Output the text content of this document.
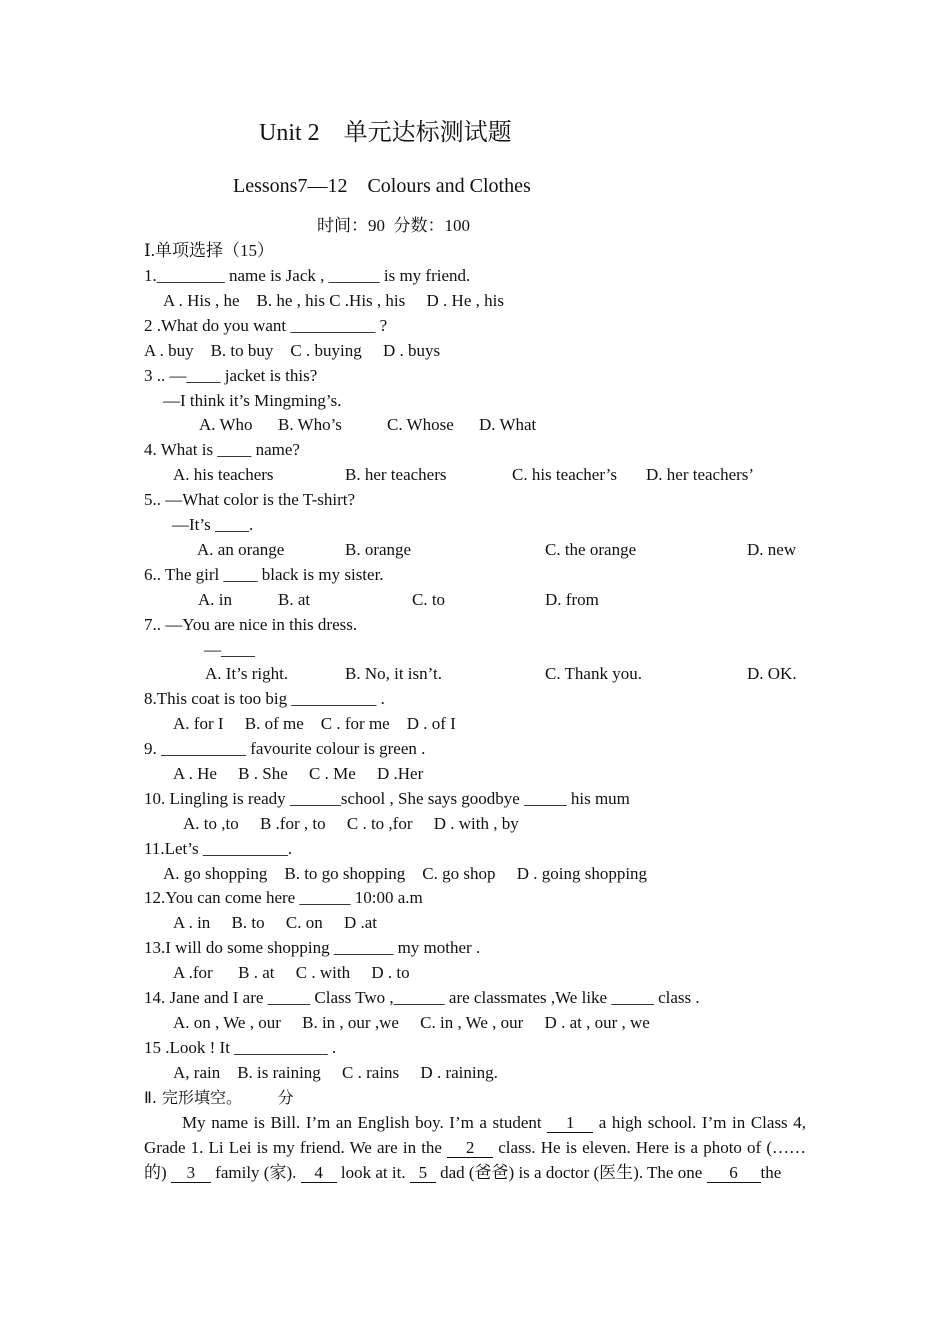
Unit 2    单元达标测试题
Lessons7—12    Colours and Clothes
时间：90  分数：100
Ⅰ.单项选择（15）
1.________ name is Jack , ______ is my friend.
A . His , he    B. he , his C .His , his     D . He , his
2 .What do you want __________ ?
A . buy    B. to buy    C . buying     D . buys
3 .. —____ jacket is this?
—I think it’s Mingming’s.
A. Who B. Who’s	C. Whose D. What
4. What is ____ name?
A. his teachers	B. her teachers	C. his teacher’s D. her teachers’
5.. —What color is the T-shirt?
—It’s ____.
A. an orange	B. orange	C. the orange	D. new
6.. The girl ____ black is my sister.
A. in	B. at	C. to	D. from
7.. —You are nice in this dress.
—____
A. It’s right.	B. No, it isn’t.	C. Thank you.	D. OK.
8.This coat is too big __________ .
A. for I     B. of me    C . for me    D . of I
9. __________ favourite colour is green .
A . He     B . She     C . Me     D .Her
10. Lingling is ready ______school , She says goodbye _____ his mum
A. to ,to     B .for , to     C . to ,for     D . with , by
11.Let’s __________.
A. go shopping    B. to go shopping    C. go shop     D . going shopping
12.You can come here ______ 10:00 a.m
A . in     B. to     C. on     D .at
13.I will do some shopping _______ my mother .
A .for      B . at     C . with     D . to
14. Jane and I are _____ Class Two ,______ are classmates ,We like _____ class .
A. on , We , our     B. in , our ,we     C. in , We , our     D . at , our , we
15 .Look ! It ___________ .
A, rain    B. is raining     C . rains     D . raining.
Ⅱ. 完形填空。       分
My name is Bill. I’m an English boy. I’m a student 1 a high school. I’m in Class 4, Grade 1. Li Lei is my friend. We are in the 2 class. He is eleven. Here is a photo of (……的) 3 family (家). 4 look at it. 5 dad (爸爸) is a doctor (医生). The one 6 the
